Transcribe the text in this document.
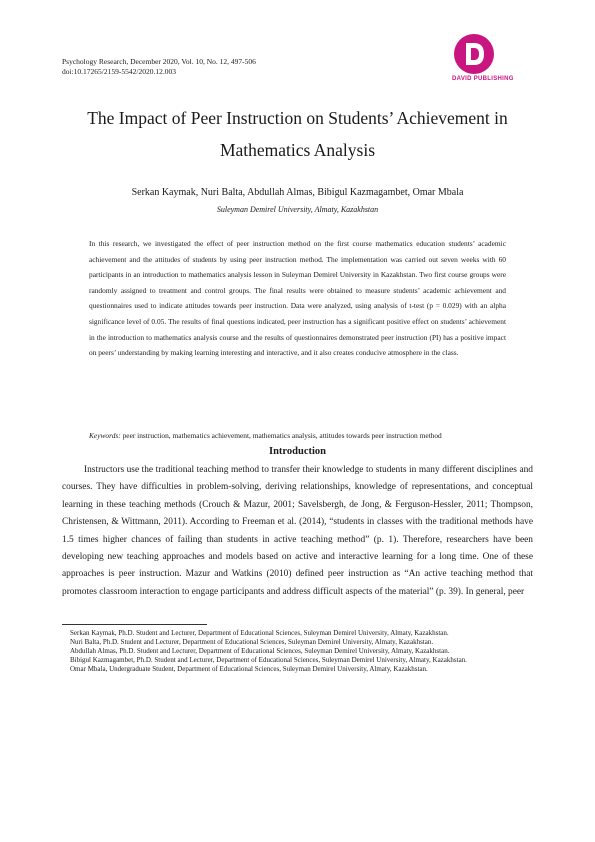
Psychology Research, December 2020, Vol. 10, No. 12, 497-506
doi:10.17265/2159-5542/2020.12.003
DAVID PUBLISHING
The Impact of Peer Instruction on Students’ Achievement in Mathematics Analysis
Serkan Kaymak, Nuri Balta, Abdullah Almas, Bibigul Kazmagambet, Omar Mbala
Suleyman Demirel University, Almaty, Kazakhstan
In this research, we investigated the effect of peer instruction method on the first course mathematics education students’ academic achievement and the attitudes of students by using peer instruction method. The implementation was carried out seven weeks with 60 participants in an introduction to mathematics analysis lesson in Suleyman Demirel University in Kazakhstan. Two first course groups were randomly assigned to treatment and control groups. The final results were obtained to measure students’ academic achievement and questionnaires used to indicate attitudes towards peer instruction. Data were analyzed, using analysis of t-test (p = 0.029) with an alpha significance level of 0.05. The results of final questions indicated, peer instruction has a significant positive effect on students’ achievement in the introduction to mathematics analysis course and the results of questionnaires demonstrated peer instruction (PI) has a positive impact on peers’ understanding by making learning interesting and interactive, and it also creates conducive atmosphere in the class.
Keywords: peer instruction, mathematics achievement, mathematics analysis, attitudes towards peer instruction method
Introduction
Instructors use the traditional teaching method to transfer their knowledge to students in many different disciplines and courses. They have difficulties in problem-solving, deriving relationships, knowledge of representations, and conceptual learning in these teaching methods (Crouch & Mazur, 2001; Savelsbergh, de Jong, & Ferguson-Hessler, 2011; Thompson, Christensen, & Wittmann, 2011). According to Freeman et al. (2014), “students in classes with the traditional methods have 1.5 times higher chances of failing than students in active teaching method” (p. 1). Therefore, researchers have been developing new teaching approaches and models based on active and interactive learning for a long time. One of these approaches is peer instruction. Mazur and Watkins (2010) defined peer instruction as “An active teaching method that promotes classroom interaction to engage participants and address difficult aspects of the material” (p. 39). In general, peer

Serkan Kaymak, Ph.D. Student and Lecturer, Department of Educational Sciences, Suleyman Demirel University, Almaty, Kazakhstan.

Nuri Balta, Ph.D. Student and Lecturer, Department of Educational Sciences, Suleyman Demirel University, Almaty, Kazakhstan.

Abdullah Almas, Ph.D. Student and Lecturer, Department of Educational Sciences, Suleyman Demirel University, Almaty, Kazakhstan.

Bibigul Kazmagambet, Ph.D. Student and Lecturer, Department of Educational Sciences, Suleyman Demirel University, Almaty, Kazakhstan.

Omar Mbala, Undergraduate Student, Department of Educational Sciences, Suleyman Demirel University, Almaty, Kazakhstan.
